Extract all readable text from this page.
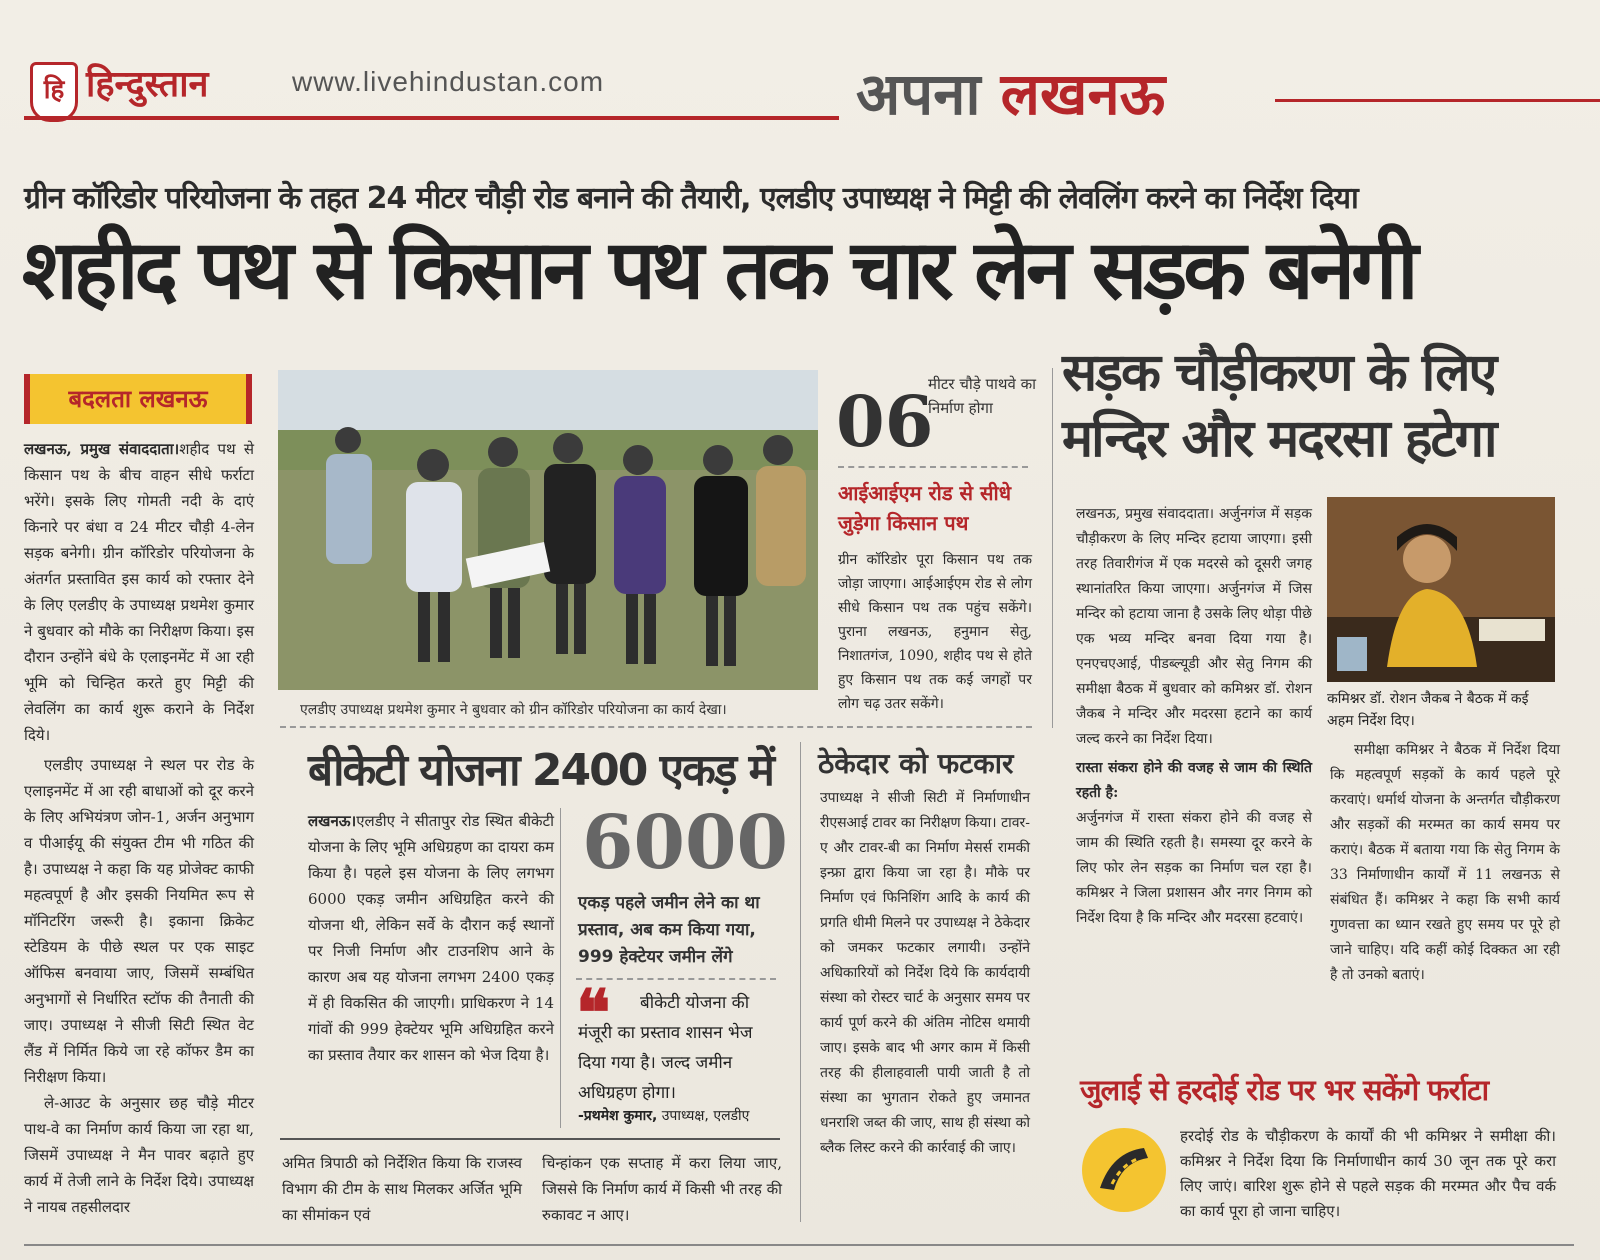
हि हिन्दुस्तान	www.livehindustan.com	अपना लखनऊ
ग्रीन कॉरिडोर परियोजना के तहत 24 मीटर चौड़ी रोड बनाने की तैयारी, एलडीए उपाध्यक्ष ने मिट्टी की लेवलिंग करने का निर्देश दिया
शहीद पथ से किसान पथ तक चार लेन सड़क बनेगी
बदलता लखनऊ
लखनऊ, प्रमुख संवाददाता।शहीद पथ से किसान पथ के बीच वाहन सीधे फर्राटा भरेंगे। इसके लिए गोमती नदी के दाएं किनारे पर बंधा व 24 मीटर चौड़ी 4-लेन सड़क बनेगी। ग्रीन कॉरिडोर परियोजना के अंतर्गत प्रस्तावित इस कार्य को रफ्तार देने के लिए एलडीए के उपाध्यक्ष प्रथमेश कुमार ने बुधवार को मौके का निरीक्षण किया। इस दौरान उन्होंने बंधे के एलाइनमेंट में आ रही भूमि को चिन्हित करते हुए मिट्टी की लेवलिंग का कार्य शुरू कराने के निर्देश दिये।
एलडीए उपाध्यक्ष ने स्थल पर रोड के एलाइनमेंट में आ रही बाधाओं को दूर करने के लिए अभियंत्रण जोन-1, अर्जन अनुभाग व पीआईयू की संयुक्त टीम भी गठित की है। उपाध्यक्ष ने कहा कि यह प्रोजेक्ट काफी महत्वपूर्ण है और इसकी नियमित रूप से मॉनिटरिंग जरूरी है। इकाना क्रिकेट स्टेडियम के पीछे स्थल पर एक साइट ऑफिस बनवाया जाए, जिसमें सम्बंधित अनुभागों से निर्धारित स्टॉफ की तैनाती की जाए। उपाध्यक्ष ने सीजी सिटी स्थित वेट लैंड में निर्मित किये जा रहे कॉफर डैम का निरीक्षण किया।
ले-आउट के अनुसार छह चौड़े मीटर पाथ-वे का निर्माण कार्य किया जा रहा था, जिसमें उपाध्यक्ष ने मैन पावर बढ़ाते हुए कार्य में तेजी लाने के निर्देश दिये। उपाध्यक्ष ने नायब तहसीलदार
एलडीए उपाध्यक्ष प्रथमेश कुमार ने बुधवार को ग्रीन कॉरिडोर परियोजना का कार्य देखा।
06
मीटर चौड़े पाथवे का निर्माण होगा
आईआईएम रोड से सीधे जुड़ेगा किसान पथ
ग्रीन कॉरिडोर पूरा किसान पथ तक जोड़ा जाएगा। आईआईएम रोड से लोग सीधे किसान पथ तक पहुंच सकेंगे। पुराना लखनऊ, हनुमान सेतु, निशातगंज, 1090, शहीद पथ से होते हुए किसान पथ तक कई जगहों पर लोग चढ़ उतर सकेंगे।
बीकेटी योजना 2400 एकड़ में
लखनऊ।एलडीए ने सीतापुर रोड स्थित बीकेटी योजना के लिए भूमि अधिग्रहण का दायरा कम किया है। पहले इस योजना के लिए लगभग 6000 एकड़ जमीन अधिग्रहित करने की योजना थी, लेकिन सर्वे के दौरान कई स्थानों पर निजी निर्माण और टाउनशिप आने के कारण अब यह योजना लगभग 2400 एकड़ में ही विकसित की जाएगी। प्राधिकरण ने 14 गांवों की 999 हेक्टेयर भूमि अधिग्रहित करने का प्रस्ताव तैयार कर शासन को भेज दिया है।
6000
एकड़ पहले जमीन लेने का था प्रस्ताव, अब कम किया गया, 999 हेक्टेयर जमीन लेंगे
❝	बीकेटी योजना की मंजूरी का प्रस्ताव शासन भेज दिया गया है। जल्द जमीन अधिग्रहण होगा।
-प्रथमेश कुमार, उपाध्यक्ष, एलडीए
अमित त्रिपाठी को निर्देशित किया कि राजस्व विभाग की टीम के साथ मिलकर अर्जित भूमि का सीमांकन एवं
चिन्हांकन एक सप्ताह में करा लिया जाए, जिससे कि निर्माण कार्य में किसी भी तरह की रुकावट न आए।
ठेकेदार को फटकार
उपाध्यक्ष ने सीजी सिटी में निर्माणाधीन रीएसआई टावर का निरीक्षण किया। टावर-ए और टावर-बी का निर्माण मेसर्स रामकी इन्फ्रा द्वारा किया जा रहा है। मौके पर निर्माण एवं फिनिशिंग आदि के कार्य की प्रगति धीमी मिलने पर उपाध्यक्ष ने ठेकेदार को जमकर फटकार लगायी। उन्होंने अधिकारियों को निर्देश दिये कि कार्यदायी संस्था को रोस्टर चार्ट के अनुसार समय पर कार्य पूर्ण करने की अंतिम नोटिस थमायी जाए। इसके बाद भी अगर काम में किसी तरह की हीलाहवाली पायी जाती है तो संस्था का भुगतान रोकते हुए जमानत धनराशि जब्त की जाए, साथ ही संस्था को ब्लैक लिस्ट करने की कार्रवाई की जाए।
सड़क चौड़ीकरण के लिए
मन्दिर और मदरसा हटेगा
लखनऊ, प्रमुख संवाददाता। अर्जुनगंज में सड़क चौड़ीकरण के लिए मन्दिर हटाया जाएगा। इसी तरह तिवारीगंज में एक मदरसे को दूसरी जगह स्थानांतरित किया जाएगा। अर्जुनगंज में जिस मन्दिर को हटाया जाना है उसके लिए थोड़ा पीछे एक भव्य मन्दिर बनवा दिया गया है। एनएचएआई, पीडब्ल्यूडी और सेतु निगम की समीक्षा बैठक में बुधवार को कमिश्नर डॉ. रोशन जैकब ने मन्दिर और मदरसा हटाने का कार्य जल्द करने का निर्देश दिया।
रास्ता संकरा होने की वजह से जाम की स्थिति रहती है:
अर्जुनगंज में रास्ता संकरा होने की वजह से जाम की स्थिति रहती है। समस्या दूर करने के लिए फोर लेन सड़क का निर्माण चल रहा है। कमिश्नर ने जिला प्रशासन और नगर निगम को निर्देश दिया है कि मन्दिर और मदरसा हटवाएं।
कमिश्नर डॉ. रोशन जैकब ने बैठक में कई अहम निर्देश दिए।
समीक्षा कमिश्नर ने बैठक में निर्देश दिया कि महत्वपूर्ण सड़कों के कार्य पहले पूरे करवाएं। धर्मार्थ योजना के अन्तर्गत चौड़ीकरण और सड़कों की मरम्मत का कार्य समय पर कराएं। बैठक में बताया गया कि सेतु निगम के 33 निर्माणाधीन कार्यों में 11 लखनऊ से संबंधित हैं। कमिश्नर ने कहा कि सभी कार्य गुणवत्ता का ध्यान रखते हुए समय पर पूरे हो जाने चाहिए। यदि कहीं कोई दिक्कत आ रही है तो उनको बताएं।
जुलाई से हरदोई रोड पर भर सकेंगे फर्राटा
हरदोई रोड के चौड़ीकरण के कार्यों की भी कमिश्नर ने समीक्षा की। कमिश्नर ने निर्देश दिया कि निर्माणाधीन कार्य 30 जून तक पूरे करा लिए जाएं। बारिश शुरू होने से पहले सड़क की मरम्मत और पैच वर्क का कार्य पूरा हो जाना चाहिए।
